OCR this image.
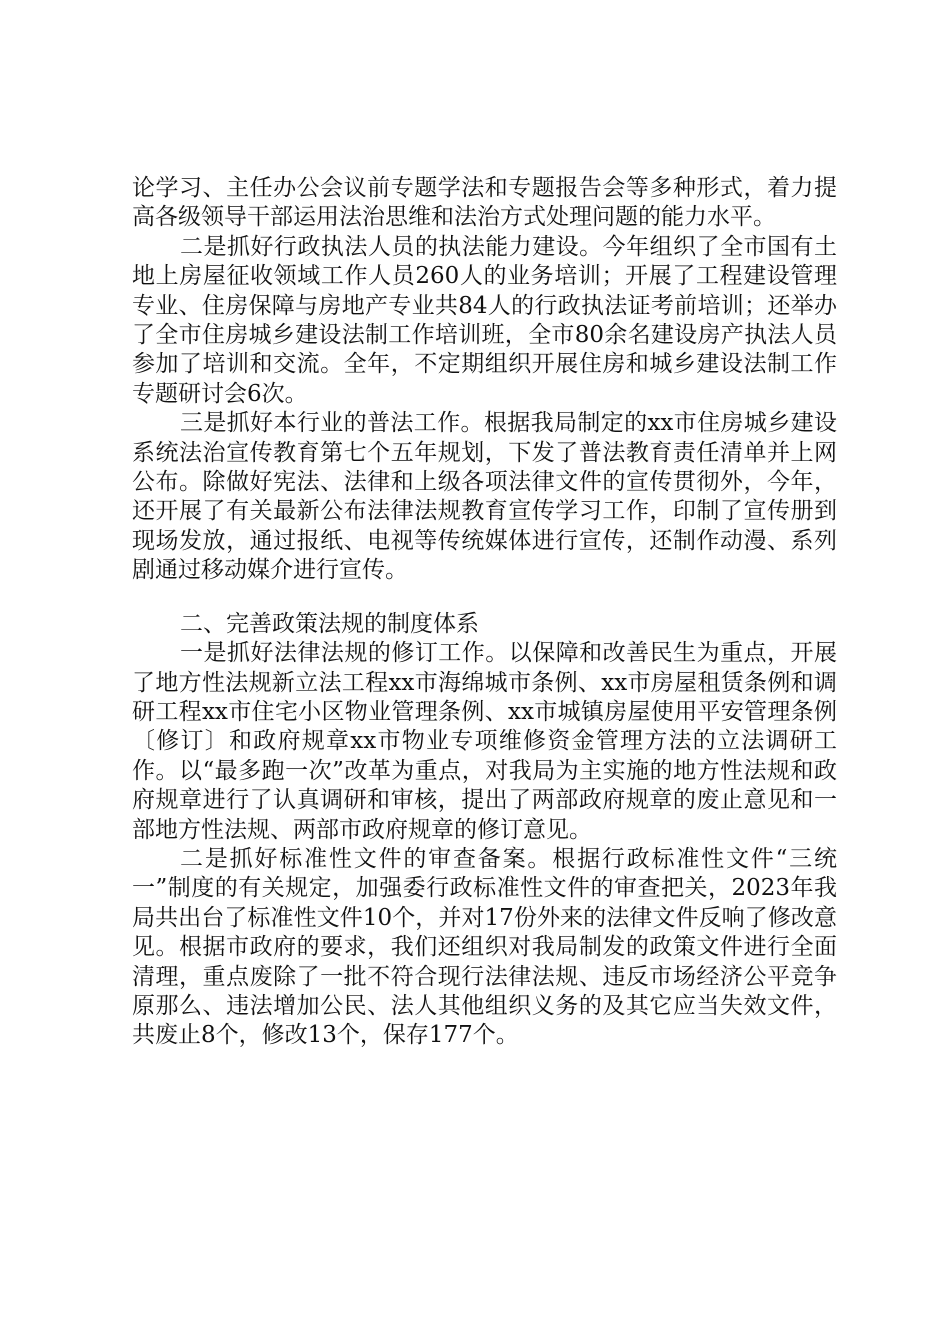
论学习、主任办公会议前专题学法和专题报告会等多种形式，着力提高各级领导干部运用法治思维和法治方式处理问题的能力水平。

二是抓好行政执法人员的执法能力建设。今年组织了全市国有土地上房屋征收领域工作人员260人的业务培训；开展了工程建设管理专业、住房保障与房地产专业共84人的行政执法证考前培训；还举办了全市住房城乡建设法制工作培训班，全市80余名建设房产执法人员参加了培训和交流。全年，不定期组织开展住房和城乡建设法制工作专题研讨会6次。

三是抓好本行业的普法工作。根据我局制定的xx市住房城乡建设系统法治宣传教育第七个五年规划，下发了普法教育责任清单并上网公布。除做好宪法、法律和上级各项法律文件的宣传贯彻外，今年，还开展了有关最新公布法律法规教育宣传学习工作，印制了宣传册到现场发放，通过报纸、电视等传统媒体进行宣传，还制作动漫、系列剧通过移动媒介进行宣传。

二、完善政策法规的制度体系

一是抓好法律法规的修订工作。以保障和改善民生为重点，开展了地方性法规新立法工程xx市海绵城市条例、xx市房屋租赁条例和调研工程xx市住宅小区物业管理条例、xx市城镇房屋使用平安管理条例〔修订〕和政府规章xx市物业专项维修资金管理方法的立法调研工作。以“最多跑一次”改革为重点，对我局为主实施的地方性法规和政府规章进行了认真调研和审核，提出了两部政府规章的废止意见和一部地方性法规、两部市政府规章的修订意见。

二是抓好标准性文件的审查备案。根据行政标准性文件“三统一”制度的有关规定，加强委行政标准性文件的审查把关，2023年我局共出台了标准性文件10个，并对17份外来的法律文件反响了修改意见。根据市政府的要求，我们还组织对我局制发的政策文件进行全面清理，重点废除了一批不符合现行法律法规、违反市场经济公平竞争原那么、违法增加公民、法人其他组织义务的及其它应当失效文件，共废止8个，修改13个，保存177个。
